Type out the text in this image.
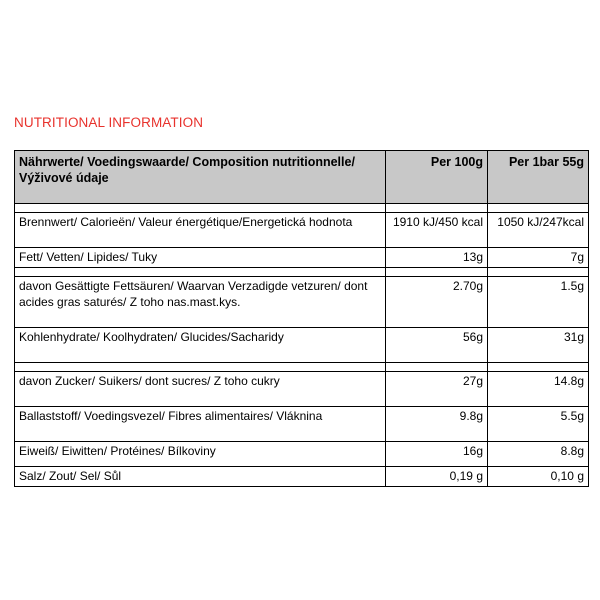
NUTRITIONAL INFORMATION
Nährwerte/ Voedingswaarde/ Composition nutritionnelle/ Výživové údaje	Per 100g	Per 1bar 55g

Brennwert/ Calorieën/ Valeur énergétique/Energetická hodnota	1910 kJ/450 kcal	1050 kJ/247kcal
Fett/ Vetten/ Lipides/ Tuky	13g	7g

davon Gesättigte Fettsäuren/ Waarvan Verzadigde vetzuren/ dont acides gras saturés/ Z toho nas.mast.kys.	2.70g	1.5g
Kohlenhydrate/ Koolhydraten/ Glucides/Sacharidy	56g	31g

davon Zucker/ Suikers/ dont sucres/ Z toho cukry	27g	14.8g
Ballaststoff/ Voedingsvezel/ Fibres alimentaires/ Vláknina	9.8g	5.5g
Eiweiß/ Eiwitten/ Protéines/ Bílkoviny	16g	8.8g
Salz/ Zout/ Sel/ Sůl	0,19 g	0,10 g
